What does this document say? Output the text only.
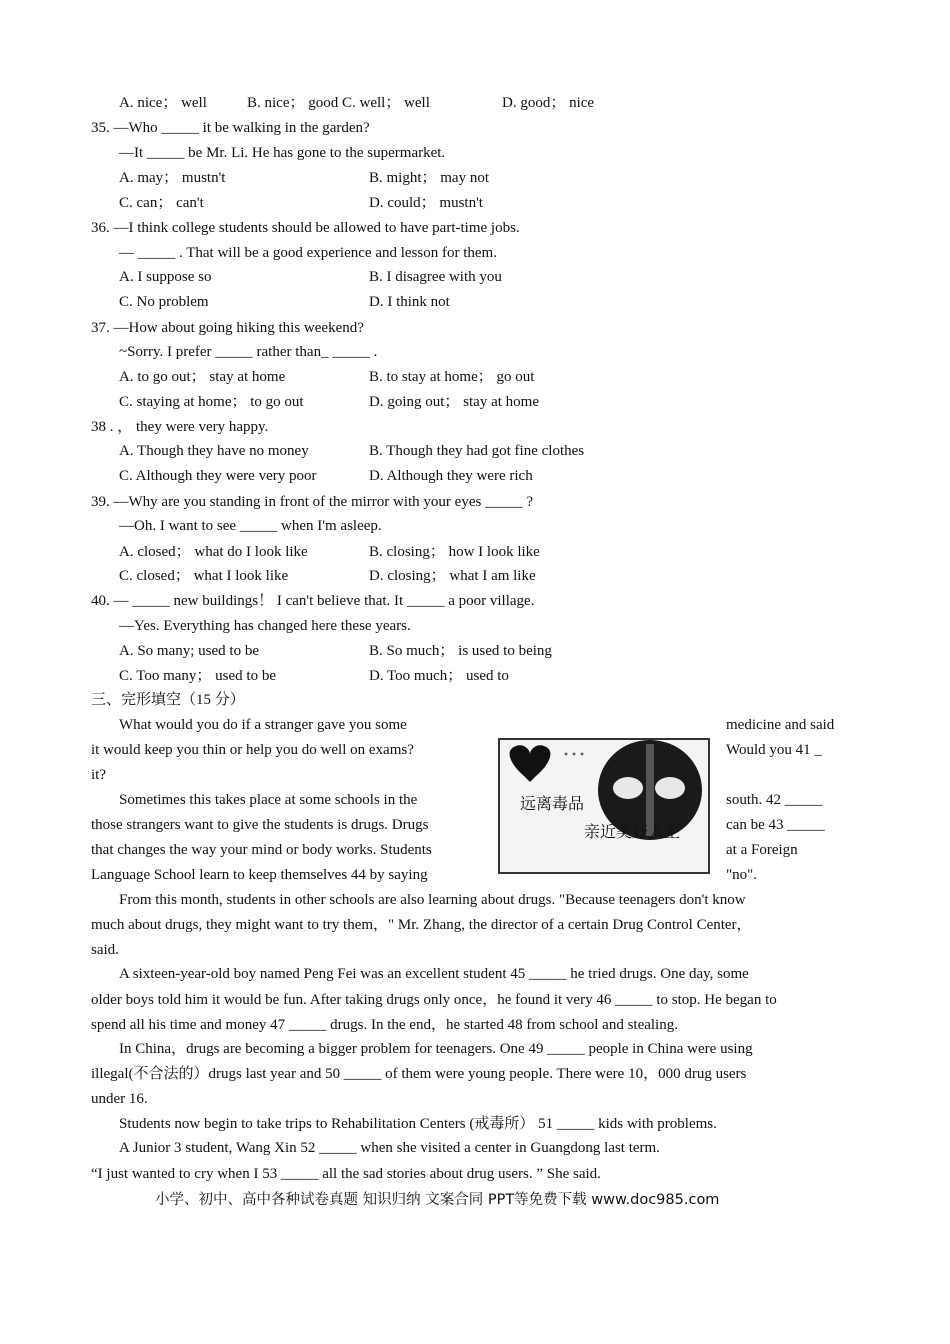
A. nice； well	B. nice； good C. well； well	D. good； nice
35. —Who _____ it be walking in the garden?
—It _____ be Mr. Li. He has gone to the supermarket.
A. may； mustn't	B. might； may not
C. can； can't	D. could； mustn't
36. —I think college students should be allowed to have part-time jobs.
— _____ . That will be a good experience and lesson for them.
A. I suppose so	B. I disagree with you
C. No problem	D. I think not
37. —How about going hiking this weekend?
~Sorry. I prefer _____ rather than_ _____ .
A. to go out； stay at home	B. to stay at home； go out
C. staying at home； to go out	D. going out； stay at home
38 . ， they were very happy.
A. Though they have no money	B. Though they had got fine clothes
C. Although they were very poor	D. Although they were rich
39. —Why are you standing in front of the mirror with your eyes _____ ?
—Oh. I want to see _____ when I'm asleep.
A. closed； what do I look like	B. closing； how I look like
C. closed； what I look like	D. closing； what I am like
40. — _____ new buildings！ I can't believe that. It _____ a poor village.
—Yes. Everything has changed here these years.
A. So many; used to be	B. So much； is used to being
C. Too many； used to be	D. Too much； used to
三、完形填空（15 分）
What would you do if a stranger gave you some	medicine and said
it would keep you thin or help you do well on exams?	Would you 41 _
it?
Sometimes this takes place at some schools in the	south. 42 _____
those strangers want to give the students is drugs. Drugs	can be 43 _____
that changes the way your mind or body works. Students	at a Foreign
Language School learn to keep themselves 44 by saying	"no".
远离毒品
亲近美好人生
From this month, students in other schools are also learning about drugs. "Because teenagers don't know
much about drugs, they might want to try them，" Mr. Zhang, the director of a certain Drug Control Center，
said.
A sixteen-year-old boy named Peng Fei was an excellent student 45 _____ he tried drugs. One day, some
older boys told him it would be fun. After taking drugs only once，he found it very 46 _____ to stop. He began to
spend all his time and money 47 _____ drugs. In the end，he started 48 from school and stealing.
In China，drugs are becoming a bigger problem for teenagers. One 49 _____ people in China were using
illegal(不合法的）drugs last year and 50 _____ of them were young people. There were 10，000 drug users
under 16.
Students now begin to take trips to Rehabilitation Centers (戒毒所） 51 _____ kids with problems.
A Junior 3 student, Wang Xin 52 _____ when she visited a center in Guangdong last term.
“I just wanted to cry when I 53 _____ all the sad stories about drug users. ” She said.
小学、初中、高中各种试卷真题 知识归纳 文案合同 PPT等免费下载 www.doc985.com
